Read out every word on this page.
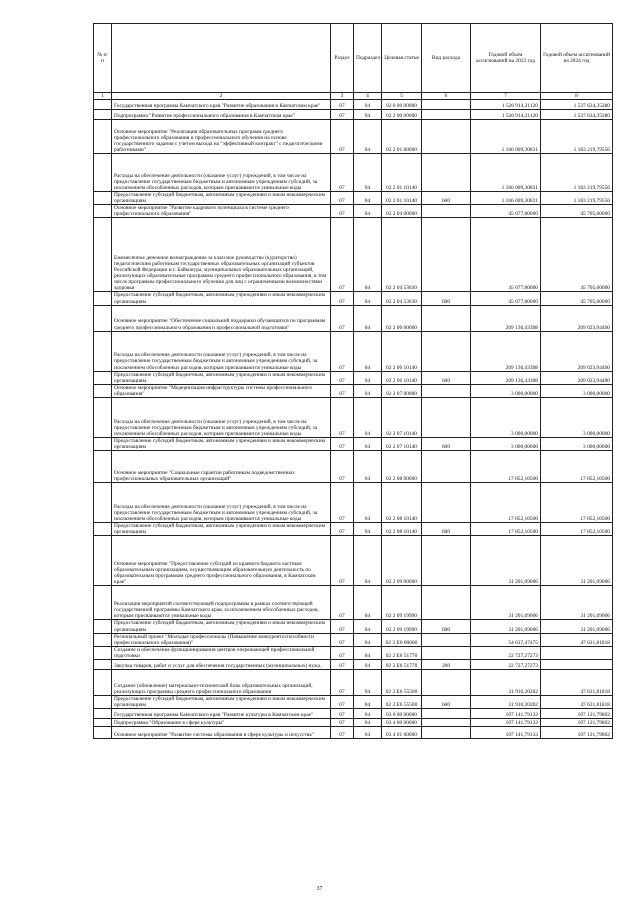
№ п/п		Раздел	Подраздел	Целевая статья	Вид расхода	Годовой объем ассигнований на 2023 год	Годовой объем ассигнований на 2024 год
1	2	3	4	5	6	7	8
	Государственная программа Камчатского края "Развитие образования в Камчатском крае"	07	04	02 0 00 00000		1 526 914,21120	1 537 634,35280
	Подпрограмма "Развитие профессионального образования в Камчатском крае"	07	04	02 2 00 00000		1 526 914,21120	1 537 634,35280
	Основное мероприятие "Реализация образовательных программ среднего профессионального образования и профессионального обучения на основе государственного задания с учетом выхода на "эффективный контракт" с педагогическими работниками"	07	04	02 2 01 00000		1 166 009,30831	1 183 219,79556
	Расходы на обеспечение деятельности (оказание услуг) учреждений, в том числе на предоставление государственным бюджетным и автономным учреждениям субсидий, за исключением обособленных расходов, которым присваиваются уникальные коды	07	04	02 2 01 10140		1 166 009,30831	1 183 219,79556
	Предоставление субсидий бюджетным, автономным учреждениям и иным некоммерческим организациям	07	04	02 2 01 10140	600	1 166 009,30831	1 183 219,79556
	Основное мероприятие "Развитие кадрового потенциала в системе среднего профессионального образования"	07	04	02 2 04 00000		45 077,80000	45 705,60000
	Ежемесячное денежное вознаграждение за классное руководство (кураторство) педагогическим работникам государственных образовательных организаций субъектов Российской Федерации и г. Байконура, муниципальных образовательных организаций, реализующих образовательные программы среднего профессионального образования, в том числе программы профессионального обучения для лиц с ограниченными возможностями здоровья	07	04	02 2 04 53630		45 077,80000	45 705,60000
	Предоставление субсидий бюджетным, автономным учреждениям и иным некоммерческим организациям	07	04	02 2 04 53630	600	45 077,80000	45 705,60000
	Основное мероприятие "Обеспечение социальной поддержки обучающихся по программам среднего профессионального образования и профессиональной подготовки"	07	04	02 2 06 00000		209 136,43308	209 023,94400
	Расходы на обеспечение деятельности (оказание услуг) учреждений, в том числе на предоставление государственным бюджетным и автономным учреждениям субсидий, за исключением обособленных расходов, которым присваиваются уникальные коды	07	04	02 2 06 10140		209 136,43308	209 023,94400
	Предоставление субсидий бюджетным, автономным учреждениям и иным некоммерческим организациям	07	04	02 2 06 10140	600	209 136,43308	209 023,94400
	Основное мероприятие "Модернизация инфраструктуры системы профессионального образования"	07	04	02 2 07 00000		3 000,00000	3 000,00000
	Расходы на обеспечение деятельности (оказание услуг) учреждений, в том числе на предоставление государственным бюджетным и автономным учреждениям субсидий, за исключением обособленных расходов, которым присваиваются уникальные коды	07	04	02 2 07 10140		3 000,00000	3 000,00000
	Предоставление субсидий бюджетным, автономным учреждениям и иным некоммерческим организациям	07	04	02 2 07 10140	600	3 000,00000	3 000,00000
	Основное мероприятие "Социальные гарантии работникам подведомственных профессиональных образовательных организаций"	07	04	02 2 08 00000		17 852,10500	17 852,10500
	Расходы на обеспечение деятельности (оказание услуг) учреждений, в том числе на предоставление государственным бюджетным и автономным учреждениям субсидий, за исключением обособленных расходов, которым присваиваются уникальные коды	07	04	02 2 08 10140		17 852,10500	17 852,10500
	Предоставление субсидий бюджетным, автономным учреждениям и иным некоммерческим организациям	07	04	02 2 08 10140	600	17 852,10500	17 852,10500
	Основное мероприятие "Предоставление субсидий из краевого бюджета частным образовательным организациям, осуществляющим образовательную деятельность по образовательным программам среднего профессионального образования, в Камчатском крае"	07	04	02 2 09 00000		31 201,09006	31 201,09006
	Реализация мероприятий соответствующей подпрограммы в рамках соответствующей государственной программы Камчатского края, за исключением обособленных расходов, которым присваиваются уникальные коды	07	04	02 2 09 19990		31 201,09006	31 201,09006
	Предоставление субсидий бюджетным, автономным учреждениям и иным некоммерческим организациям	07	04	02 2 09 19990	600	31 201,09006	31 201,09006
	Региональный проект "Молодые профессионалы (Повышение конкурентоспособности профессионального образования)"	07	04	02 2 E6 00000		54 637,47475	47 631,81818
	Создание и обеспечение функционирования центров опережающей профессиональной подготовки	07	04	02 2 E6 51770		22 727,27273	
	Закупка товаров, работ и услуг для обеспечения государственных (муниципальных) нужд	07	04	02 2 E6 51770	200	22 727,27273	
	Создание (обновление) материально-технической базы образовательных организаций, реализующих программы среднего профессионального образования	07	04	02 2 E6 55500		31 910,20202	47 631,81818
	Предоставление субсидий бюджетным, автономным учреждениям и иным некоммерческим организациям	07	04	02 2 E6 55500	600	31 910,20202	47 631,81818
	Государственная программа Камчатского края "Развитие культуры в Камчатском крае"	07	04	03 0 00 00000		107 141,79133	107 121,79802
	Подпрограмма "Образование в сфере культуры"	07	04	03 4 00 00000		107 141,79133	107 121,79802
	Основное мероприятие "Развитие системы образования в сфере культуры и искусства"	07	04	03 4 01 00000		107 141,79133	107 121,79802
37
